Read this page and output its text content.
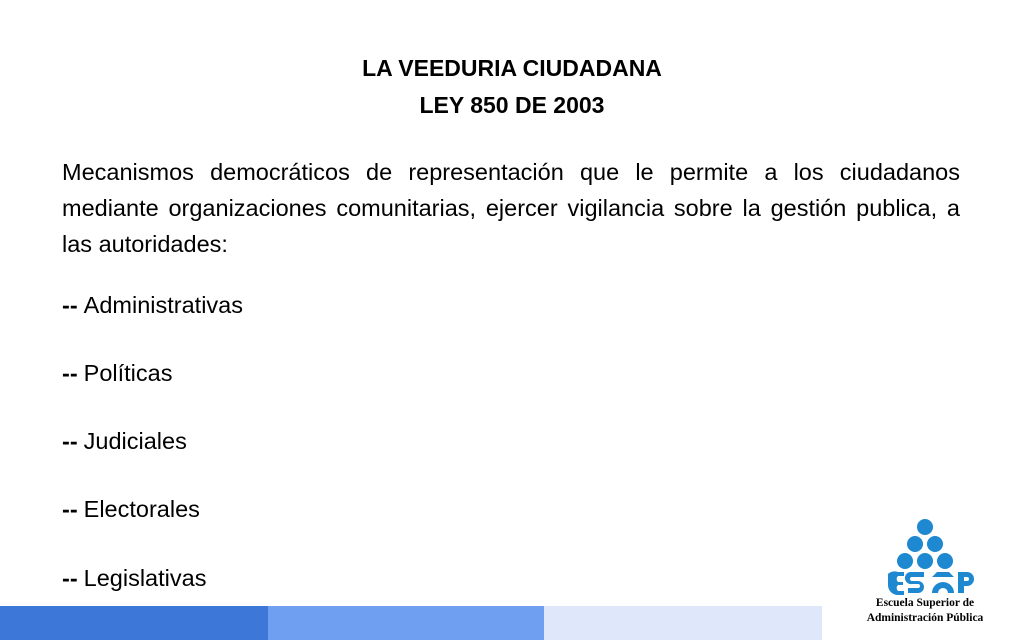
LA VEEDURIA CIUDADANA
LEY 850 DE 2003
Mecanismos democráticos de representación que le permite a los ciudadanos mediante organizaciones comunitarias, ejercer vigilancia sobre la gestión publica, a las autoridades:
-- Administrativas
-- Políticas
-- Judiciales
-- Electorales
-- Legislativas
Escuela Superior de
Administración Pública
